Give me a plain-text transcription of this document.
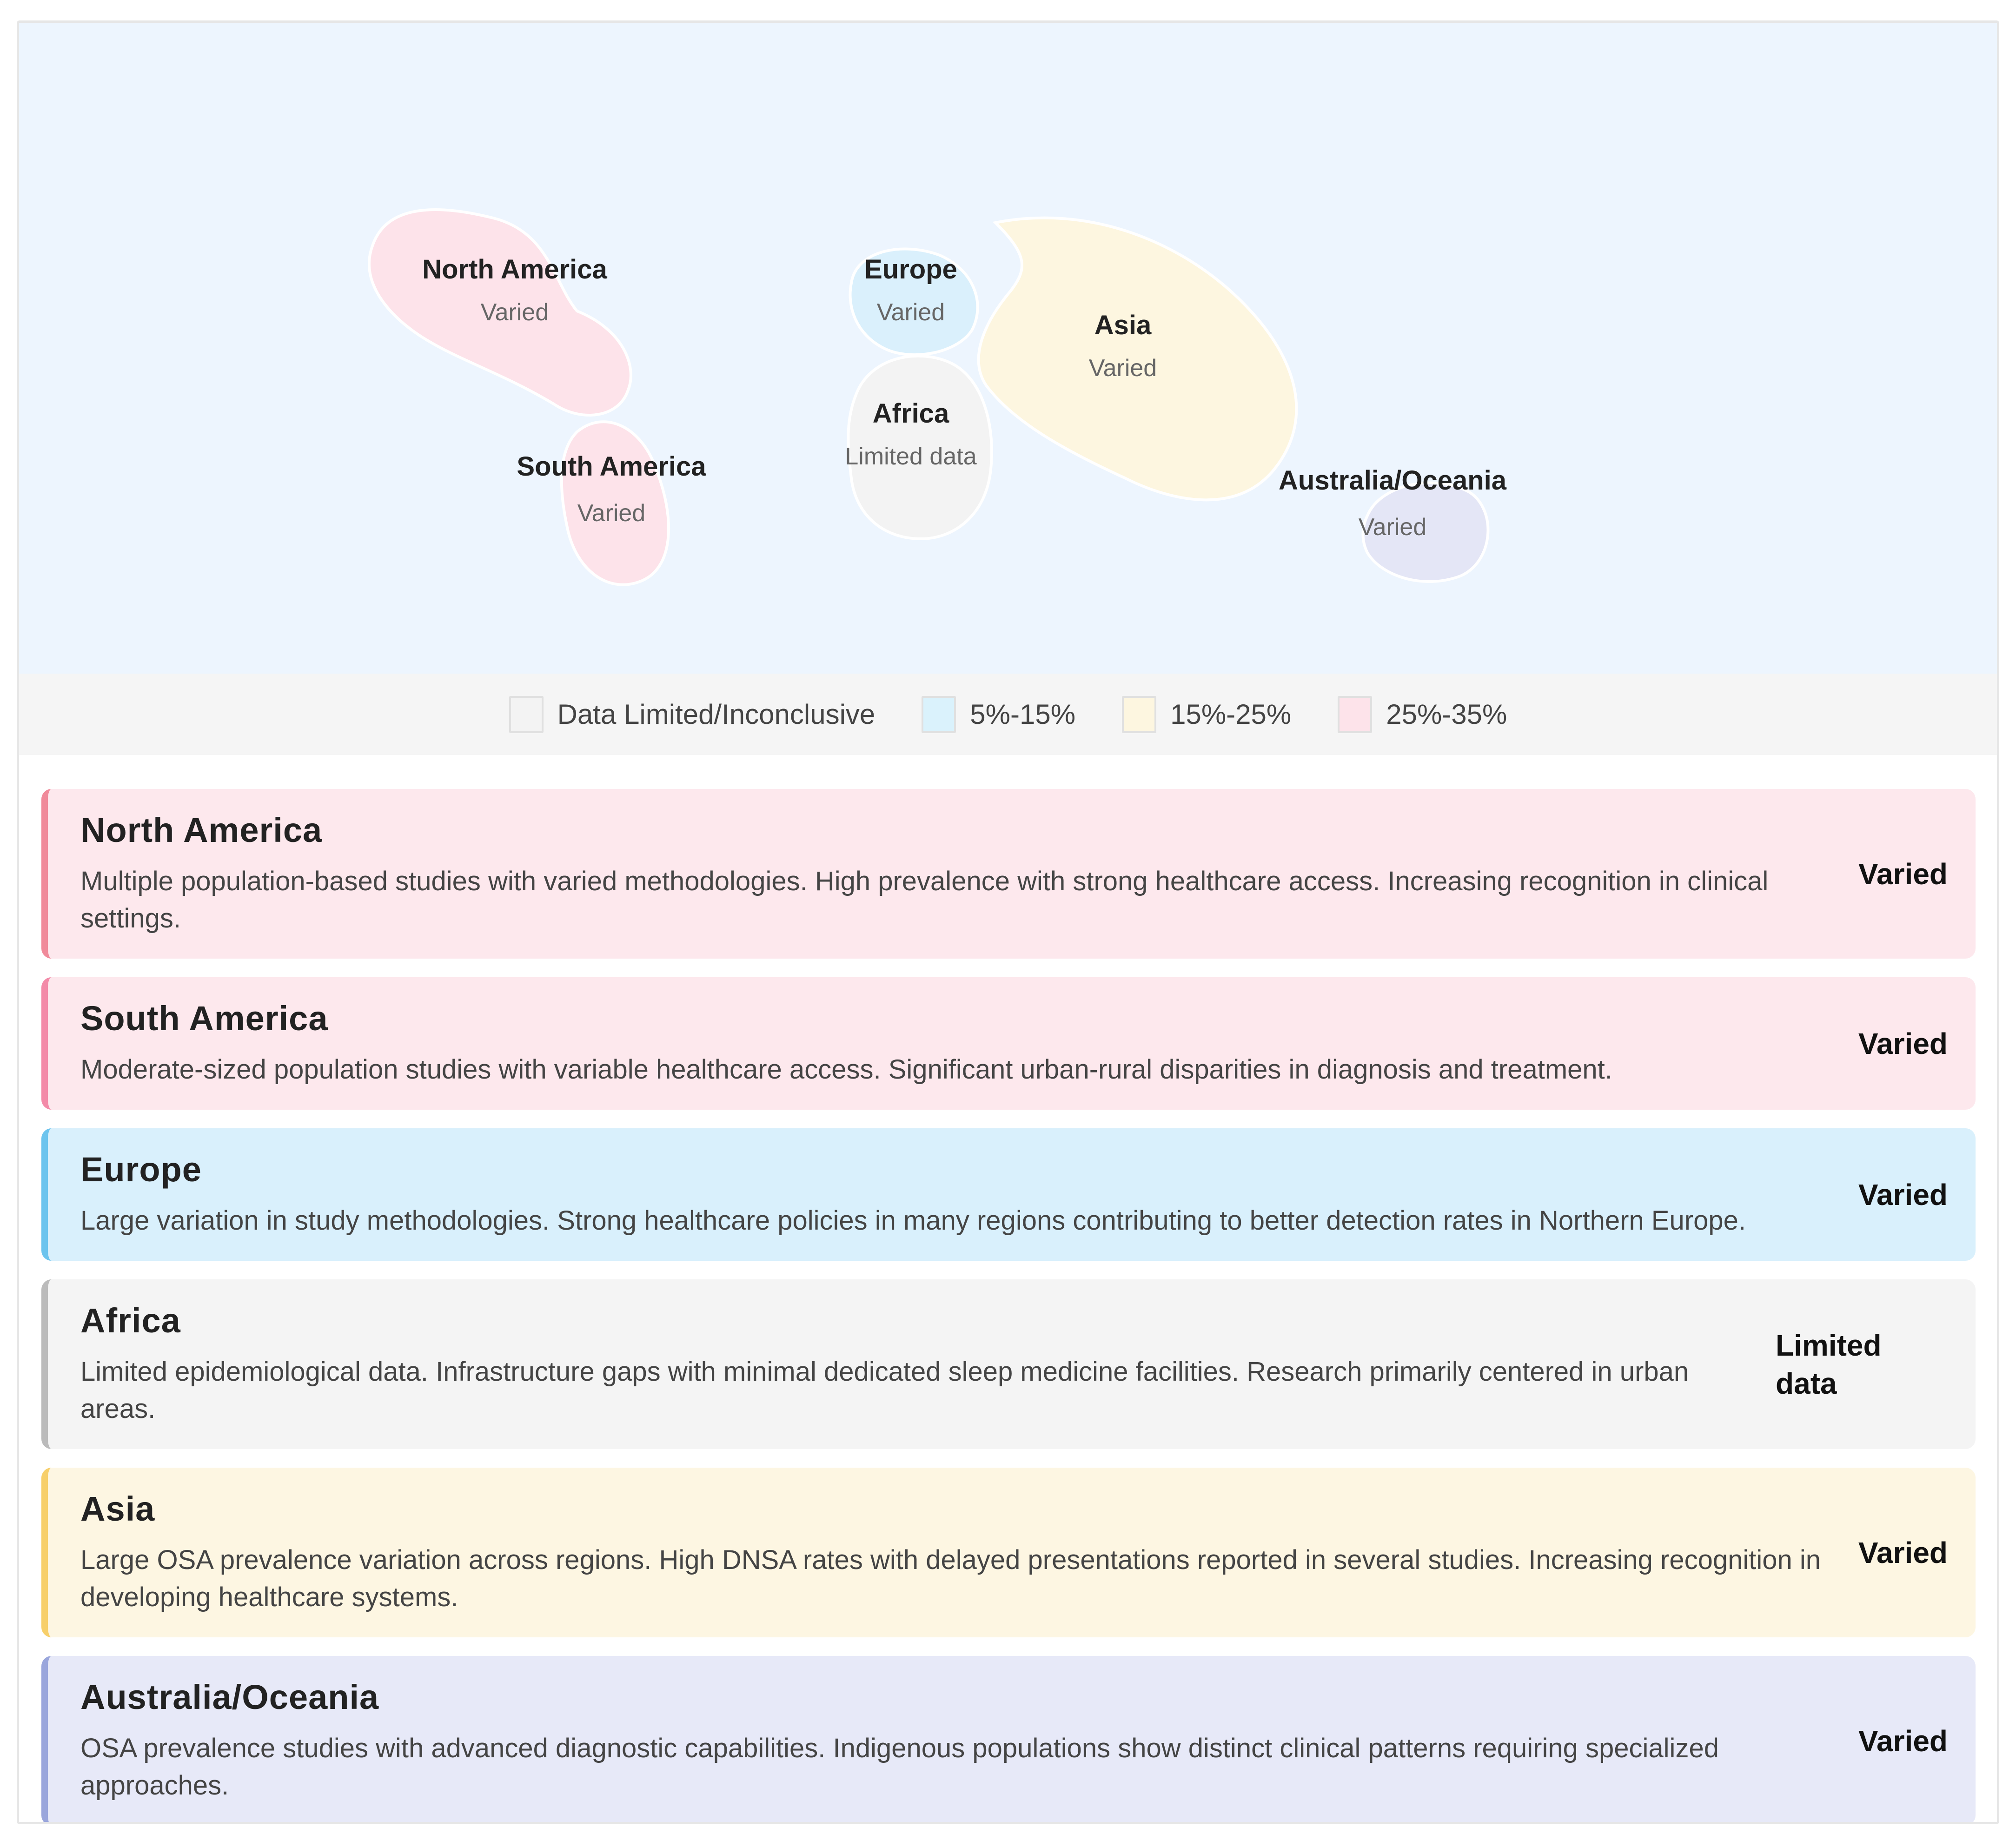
North America
Varied
South America
Varied
Europe
Varied
Africa
Limited data
Asia
Varied
Australia/Oceania
Varied
Data Limited/Inconclusive	5%-15%	15%-25%	25%-35%
North America
Multiple population-based studies with varied methodologies. High prevalence with strong healthcare access. Increasing recognition in clinical settings.
Varied
South America
Moderate-sized population studies with variable healthcare access. Significant urban-rural disparities in diagnosis and treatment.
Varied
Europe
Large variation in study methodologies. Strong healthcare policies in many regions contributing to better detection rates in Northern Europe.
Varied
Africa
Limited epidemiological data. Infrastructure gaps with minimal dedicated sleep medicine facilities. Research primarily centered in urban areas.
Limited data
Asia
Large OSA prevalence variation across regions. High DNSA rates with delayed presentations reported in several studies. Increasing recognition in developing healthcare systems.
Varied
Australia/Oceania
OSA prevalence studies with advanced diagnostic capabilities. Indigenous populations show distinct clinical patterns requiring specialized approaches.
Varied
